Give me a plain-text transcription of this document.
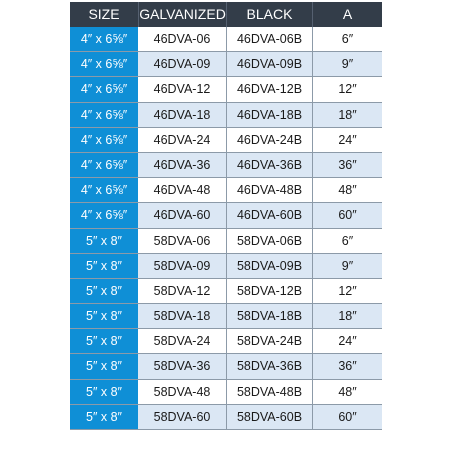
SIZE	GALVANIZED	BLACK	A
4″ x 6⅝″	46DVA-06	46DVA-06B	6″
4″ x 6⅝″	46DVA-09	46DVA-09B	9″
4″ x 6⅝″	46DVA-12	46DVA-12B	12″
4″ x 6⅝″	46DVA-18	46DVA-18B	18″
4″ x 6⅝″	46DVA-24	46DVA-24B	24″
4″ x 6⅝″	46DVA-36	46DVA-36B	36″
4″ x 6⅝″	46DVA-48	46DVA-48B	48″
4″ x 6⅝″	46DVA-60	46DVA-60B	60″
5″ x 8″	58DVA-06	58DVA-06B	6″
5″ x 8″	58DVA-09	58DVA-09B	9″
5″ x 8″	58DVA-12	58DVA-12B	12″
5″ x 8″	58DVA-18	58DVA-18B	18″
5″ x 8″	58DVA-24	58DVA-24B	24″
5″ x 8″	58DVA-36	58DVA-36B	36″
5″ x 8″	58DVA-48	58DVA-48B	48″
5″ x 8″	58DVA-60	58DVA-60B	60″
